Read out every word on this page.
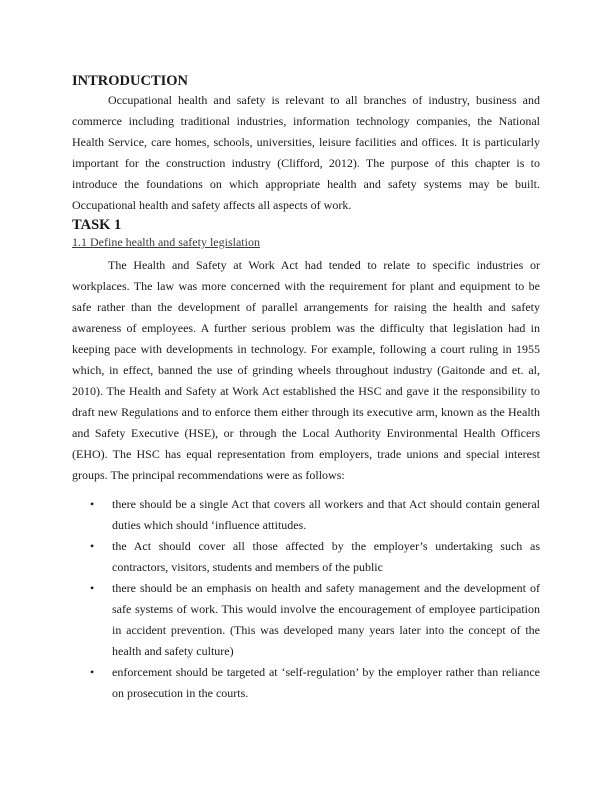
INTRODUCTION

Occupational health and safety is relevant to all branches of industry, business and commerce including traditional industries, information technology companies, the National Health Service, care homes, schools, universities, leisure facilities and offices. It is particularly important for the construction industry (Clifford, 2012). The purpose of this chapter is to introduce the foundations on which appropriate health and safety systems may be built. Occupational health and safety affects all aspects of work.

TASK 1
1.1 Define health and safety legislation

The Health and Safety at Work Act had tended to relate to specific industries or workplaces. The law was more concerned with the requirement for plant and equipment to be safe rather than the development of parallel arrangements for raising the health and safety awareness of employees. A further serious problem was the difficulty that legislation had in keeping pace with developments in technology. For example, following a court ruling in 1955 which, in effect, banned the use of grinding wheels throughout industry (Gaitonde and et. al, 2010). The Health and Safety at Work Act established the HSC and gave it the responsibility to draft new Regulations and to enforce them either through its executive arm, known as the Health and Safety Executive (HSE), or through the Local Authority Environmental Health Officers (EHO). The HSC has equal representation from employers, trade unions and special interest groups. The principal recommendations were as follows:

• there should be a single Act that covers all workers and that Act should contain general duties which should ‘influence attitudes.
• the Act should cover all those affected by the employer’s undertaking such as contractors, visitors, students and members of the public
• there should be an emphasis on health and safety management and the development of safe systems of work. This would involve the encouragement of employee participation in accident prevention. (This was developed many years later into the concept of the health and safety culture)
• enforcement should be targeted at ‘self-regulation’ by the employer rather than reliance on prosecution in the courts.
